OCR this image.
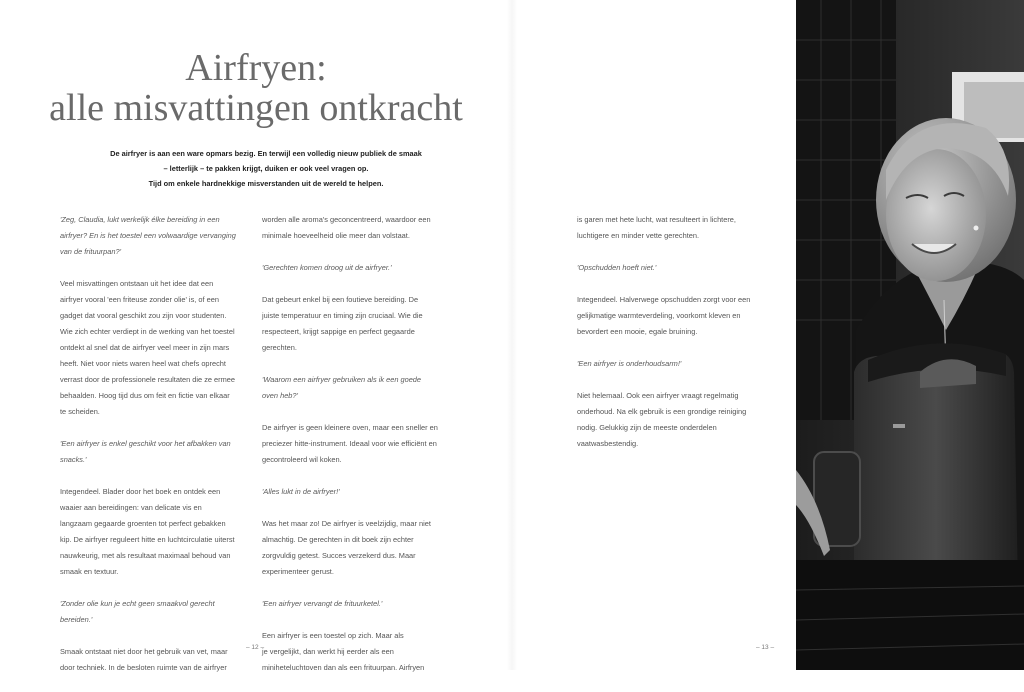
Airfryen:
alle misvattingen ontkracht
De airfryer is aan een ware opmars bezig. En terwijl een volledig nieuw publiek de smaak
– letterlijk – te pakken krijgt, duiken er ook veel vragen op.
Tijd om enkele hardnekkige misverstanden uit de wereld te helpen.

'Zeg, Claudia, lukt werkelijk élke bereiding in een
airfryer? En is het toestel een volwaardige vervanging
van de frituurpan?'

Veel misvattingen ontstaan uit het idee dat een
airfryer vooral 'een friteuse zonder olie' is, of een
gadget dat vooral geschikt zou zijn voor studenten.
Wie zich echter verdiept in de werking van het toestel
ontdekt al snel dat de airfryer veel meer in zijn mars
heeft. Niet voor niets waren heel wat chefs oprecht
verrast door de professionele resultaten die ze ermee
behaalden. Hoog tijd dus om feit en fictie van elkaar
te scheiden.

'Een airfryer is enkel geschikt voor het afbakken van
snacks.'

Integendeel. Blader door het boek en ontdek een
waaier aan bereidingen: van delicate vis en
langzaam gegaarde groenten tot perfect gebakken
kip. De airfryer reguleert hitte en luchtcirculatie uiterst
nauwkeurig, met als resultaat maximaal behoud van
smaak en textuur.

'Zonder olie kun je echt geen smaakvol gerecht
bereiden.'

Smaak ontstaat niet door het gebruik van vet, maar
door techniek. In de besloten ruimte van de airfryer

worden alle aroma's geconcentreerd, waardoor een
minimale hoeveelheid olie meer dan volstaat.

'Gerechten komen droog uit de airfryer.'

Dat gebeurt enkel bij een foutieve bereiding. De
juiste temperatuur en timing zijn cruciaal. Wie die
respecteert, krijgt sappige en perfect gegaarde
gerechten.

'Waarom een airfryer gebruiken als ik een goede
oven heb?'

De airfryer is geen kleinere oven, maar een sneller en
preciezer hitte-instrument. Ideaal voor wie efficiënt en
gecontroleerd wil koken.

'Alles lukt in de airfryer!'

Was het maar zo! De airfryer is veelzijdig, maar niet
almachtig. De gerechten in dit boek zijn echter
zorgvuldig getest. Succes verzekerd dus. Maar
experimenteer gerust.

'Een airfryer vervangt de frituurketel.'

Een airfryer is een toestel op zich. Maar als
je vergelijkt, dan werkt hij eerder als een
miniheteluchtoven dan als een frituurpan. Airfryen

is garen met hete lucht, wat resulteert in lichtere,
luchtigere en minder vette gerechten.

'Opschudden hoeft niet.'

Integendeel. Halverwege opschudden zorgt voor een
gelijkmatige warmteverdeling, voorkomt kleven en
bevordert een mooie, egale bruining.

'Een airfryer is onderhoudsarm!'

Niet helemaal. Ook een airfryer vraagt regelmatig
onderhoud. Na elk gebruik is een grondige reiniging
nodig. Gelukkig zijn de meeste onderdelen
vaatwasbestendig.

– 12 –	– 13 –
